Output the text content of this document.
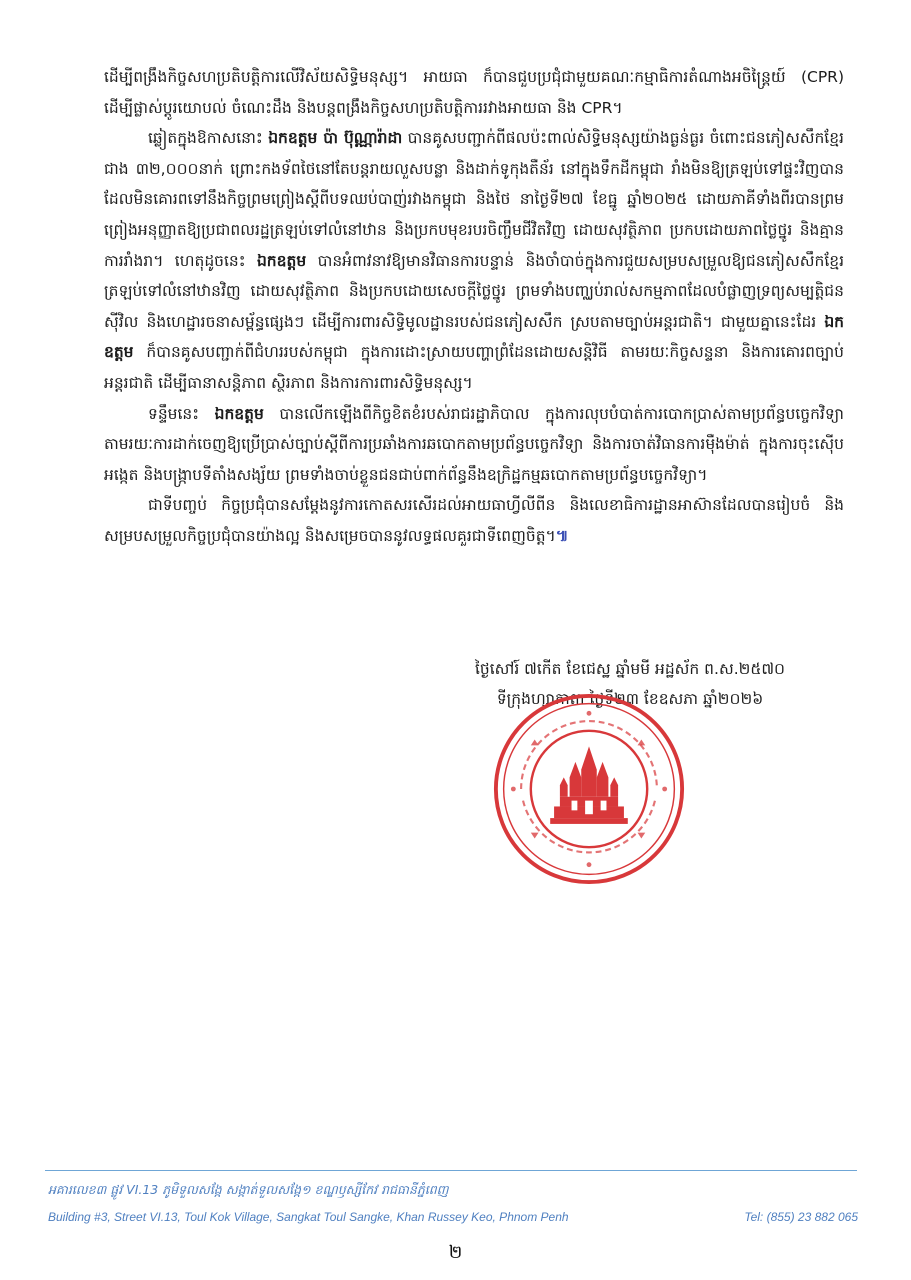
ដើម្បីពង្រឹងកិច្ចសហប្រតិបត្តិការលើវិស័យសិទ្ធិមនុស្ស។ អាយធា ក៏បានជួបប្រជុំជាមួយគណៈកម្មាធិការតំណាងអចិន្ត្រៃយ៍ (CPR) ដើម្បីផ្លាស់ប្តូរយោបល់ ចំណេះដឹង និងបន្តពង្រឹងកិច្ចសហប្រតិបត្តិការរវាងអាយធា និង CPR។

ឆ្លៀតក្នុងឱកាសនោះ ឯកឧត្តម ប៉ា ប៊ុណ្ណារ៉ាដា បានគូសបញ្ជាក់ពីផលប៉ះពាល់សិទ្ធិមនុស្សយ៉ាងធ្ងន់ធ្ងរ ចំពោះជនភៀសសឹកខ្មែរជាង ៣២,០០០នាក់ ព្រោះកងទ័ពថៃនៅតែបន្តរាយលួសបន្លា និងដាក់ទូកុងតឺន័រ នៅក្នុងទឹកដីកម្ពុជា រាំងមិនឱ្យត្រឡប់ទៅផ្ទះវិញបាន ដែលមិនគោរពទៅនឹងកិច្ចព្រមព្រៀងស្តីពីបទឈប់បាញ់រវាងកម្ពុជា និងថៃ នាថ្ងៃទី២៧ ខែធ្នូ ឆ្នាំ២០២៥ ដោយភាគីទាំងពីរបានព្រមព្រៀងអនុញ្ញាតឱ្យប្រជាពលរដ្ឋត្រឡប់ទៅលំនៅឋាន និងប្រកបមុខរបរចិញ្ចឹមជីវិតវិញ ដោយសុវត្ថិភាព ប្រកបដោយភាពថ្លៃថ្នូរ និងគ្មានការរាំងរា។ ហេតុដូចនេះ ឯកឧត្តម បានអំពាវនាវឱ្យមានវិធានការបន្ទាន់ និងចាំបាច់ក្នុងការជួយសម្របសម្រួលឱ្យជនភៀសសឹកខ្មែរត្រឡប់ទៅលំនៅឋានវិញ ដោយសុវត្ថិភាព និងប្រកបដោយសេចក្តីថ្លៃថ្នូរ ព្រមទាំងបញ្ឈប់រាល់សកម្មភាពដែលបំផ្លាញទ្រព្យសម្បត្តិជនស៊ីវិល និងហេដ្ឋារចនាសម្ព័ន្ធផ្សេងៗ ដើម្បីការពារសិទ្ធិមូលដ្ឋានរបស់ជនភៀសសឹក ស្របតាមច្បាប់អន្តរជាតិ។ ជាមួយគ្នានេះដែរ ឯកឧត្តម ក៏បានគូសបញ្ជាក់ពីជំហររបស់កម្ពុជា ក្នុងការដោះស្រាយបញ្ហាព្រំដែនដោយសន្តិវិធី តាមរយៈកិច្ចសន្ទនា និងការគោរពច្បាប់អន្តរជាតិ ដើម្បីធានាសន្តិភាព ស្ថិរភាព និងការការពារសិទ្ធិមនុស្ស។

ទន្ទឹមនេះ ឯកឧត្តម បានលើកឡើងពីកិច្ចខិតខំរបស់រាជរដ្ឋាភិបាល ក្នុងការលុបបំបាត់ការបោកប្រាស់តាមប្រព័ន្ធបច្ចេកវិទ្យា តាមរយៈការដាក់ចេញឱ្យប្រើប្រាស់ច្បាប់ស្តីពីការប្រឆាំងការឆបោកតាមប្រព័ន្ធបច្ចេកវិទ្យា និងការចាត់វិធានការម៉ឺងម៉ាត់ ក្នុងការចុះស៊ើបអង្កេត និងបង្ក្រាបទីតាំងសង្ស័យ ព្រមទាំងចាប់ខ្លួនជនជាប់ពាក់ព័ន្ធនឹងឧក្រិដ្ឋកម្មឆបោកតាមប្រព័ន្ធបច្ចេកវិទ្យា។

ជាទីបញ្ចប់ កិច្ចប្រជុំបានសម្តែងនូវការកោតសរសើរដល់អាយធាហ្វីលីពីន និងលេខាធិការដ្ឋានអាស៊ានដែលបានរៀបចំ និងសម្របសម្រួលកិច្ចប្រជុំបានយ៉ាងល្អ និងសម្រេចបាននូវលទ្ធផលគួរជាទីពេញចិត្ត។៕

ថ្ងៃសៅរ៍ ៧កើត ខែជេស្ឋ ឆ្នាំមមី អដ្ឋស័ក ព.ស.២៥៧០
ទីក្រុងហ្សាកាតា ថ្ងៃទី២៣ ខែឧសភា ឆ្នាំ២០២៦
អគារលេខ៣ ផ្លូវ VI.13 ភូមិទួលសង្កែ សង្កាត់ទួលសង្កែ១ ខណ្ឌឫស្សីកែវ រាជធានីភ្នំពេញ
Building #3, Street VI.13, Toul Kok Village, Sangkat Toul Sangke, Khan Russey Keo, Phnom Penh	Tel: (855) 23 882 065
២
